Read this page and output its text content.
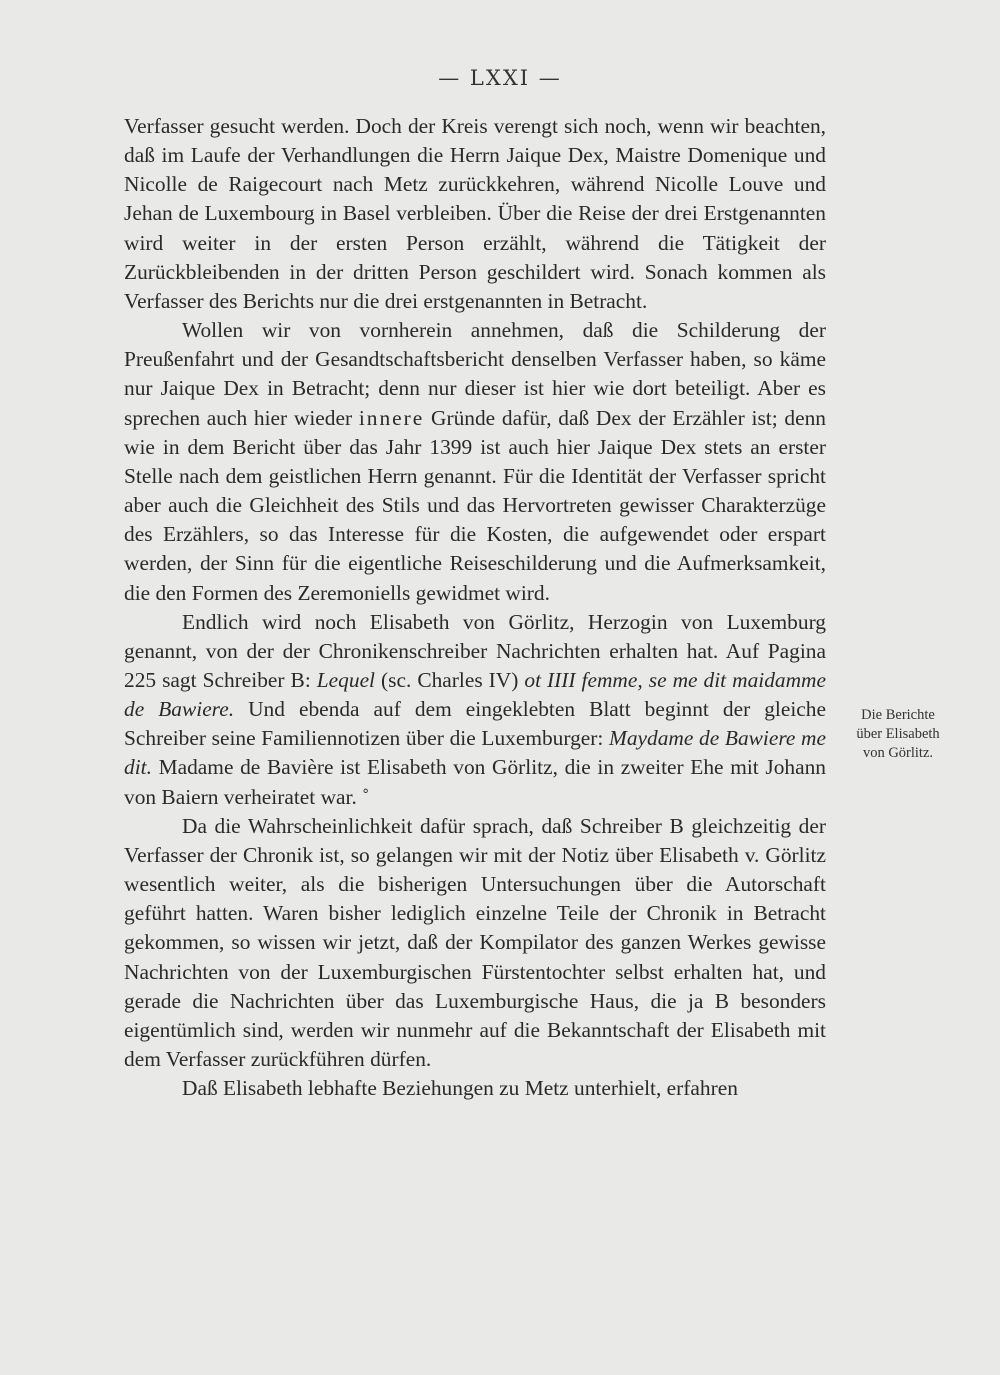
— LXXI —

Verfasser gesucht werden. Doch der Kreis verengt sich noch, wenn wir beachten, daß im Laufe der Verhandlungen die Herrn Jaique Dex, Maistre Domenique und Nicolle de Raigecourt nach Metz zurückkehren, während Nicolle Louve und Jehan de Luxembourg in Basel verbleiben. Über die Reise der drei Erstgenannten wird weiter in der ersten Person erzählt, während die Tätigkeit der Zurückbleibenden in der dritten Person geschildert wird. Sonach kommen als Verfasser des Berichts nur die drei erstgenannten in Betracht.

Wollen wir von vornherein annehmen, daß die Schilderung der Preußenfahrt und der Gesandtschaftsbericht denselben Verfasser haben, so käme nur Jaique Dex in Betracht; denn nur dieser ist hier wie dort beteiligt. Aber es sprechen auch hier wieder innere Gründe dafür, daß Dex der Erzähler ist; denn wie in dem Bericht über das Jahr 1399 ist auch hier Jaique Dex stets an erster Stelle nach dem geistlichen Herrn genannt. Für die Identität der Verfasser spricht aber auch die Gleichheit des Stils und das Hervortreten gewisser Charakterzüge des Erzählers, so das Interesse für die Kosten, die aufgewendet oder erspart werden, der Sinn für die eigentliche Reiseschilderung und die Aufmerksamkeit, die den Formen des Zeremoniells gewidmet wird.

Endlich wird noch Elisabeth von Görlitz, Herzogin von Luxemburg genannt, von der der Chronikenschreiber Nachrichten erhalten hat. Auf Pagina 225 sagt Schreiber B: Lequel (sc. Charles IV) ot IIII femme, se me dit maidamme de Bawiere. Und ebenda auf dem eingeklebten Blatt beginnt der gleiche Schreiber seine Familiennotizen über die Luxemburger: Maydame de Bawiere me dit. Madame de Bavière ist Elisabeth von Görlitz, die in zweiter Ehe mit Johann von Baiern verheiratet war. ˚

Da die Wahrscheinlichkeit dafür sprach, daß Schreiber B gleichzeitig der Verfasser der Chronik ist, so gelangen wir mit der Notiz über Elisabeth v. Görlitz wesentlich weiter, als die bisherigen Untersuchungen über die Autorschaft geführt hatten. Waren bisher lediglich einzelne Teile der Chronik in Betracht gekommen, so wissen wir jetzt, daß der Kompilator des ganzen Werkes gewisse Nachrichten von der Luxemburgischen Fürstentochter selbst erhalten hat, und gerade die Nachrichten über das Luxemburgische Haus, die ja B besonders eigentümlich sind, werden wir nunmehr auf die Bekanntschaft der Elisabeth mit dem Verfasser zurückführen dürfen.

Daß Elisabeth lebhafte Beziehungen zu Metz unterhielt, erfahren

Die Berichte
über Elisabeth
von Görlitz.
